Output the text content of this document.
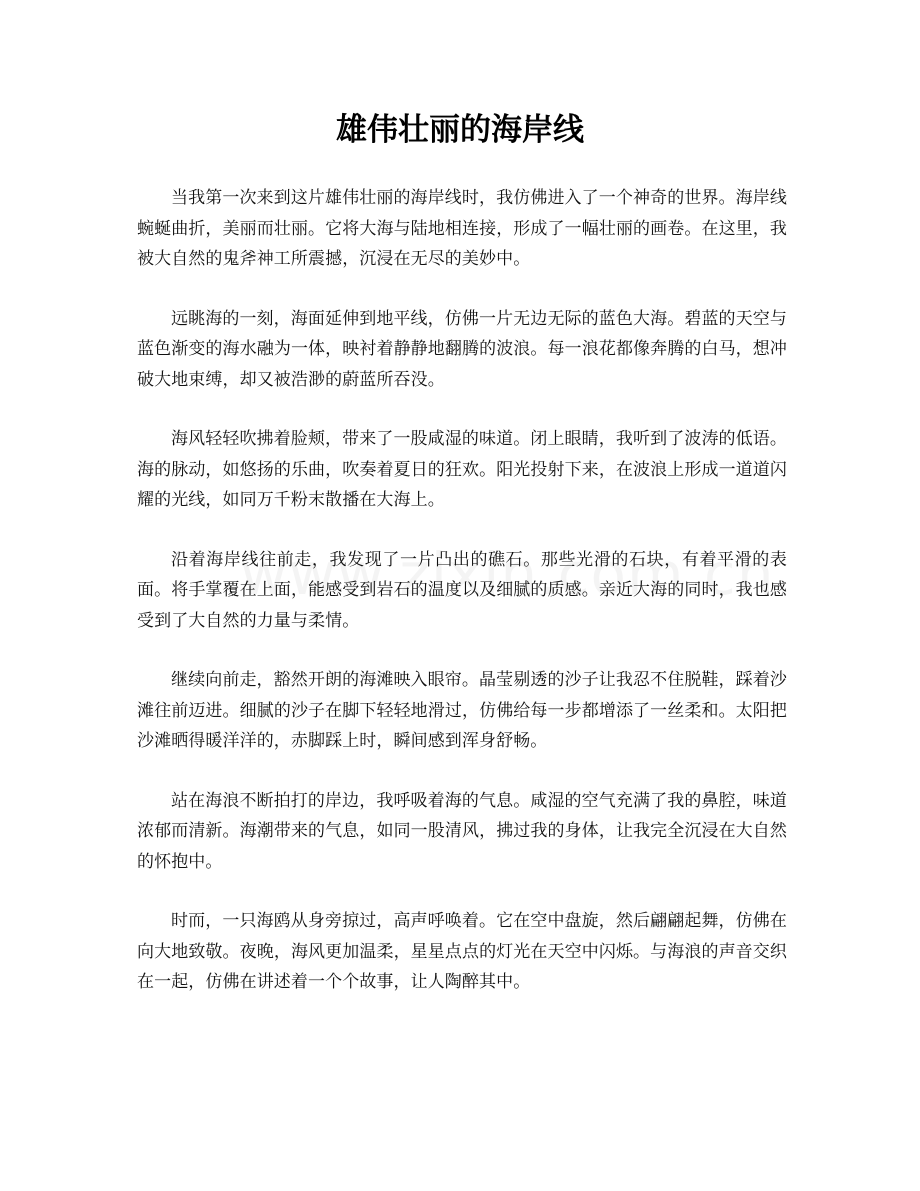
雄伟壮丽的海岸线

当我第一次来到这片雄伟壮丽的海岸线时，我仿佛进入了一个神奇的世界。海岸线蜿蜒曲折，美丽而壮丽。它将大海与陆地相连接，形成了一幅壮丽的画卷。在这里，我被大自然的鬼斧神工所震撼，沉浸在无尽的美妙中。

远眺海的一刻，海面延伸到地平线，仿佛一片无边无际的蓝色大海。碧蓝的天空与蓝色渐变的海水融为一体，映衬着静静地翻腾的波浪。每一浪花都像奔腾的白马，想冲破大地束缚，却又被浩渺的蔚蓝所吞没。

海风轻轻吹拂着脸颊，带来了一股咸湿的味道。闭上眼睛，我听到了波涛的低语。海的脉动，如悠扬的乐曲，吹奏着夏日的狂欢。阳光投射下来，在波浪上形成一道道闪耀的光线，如同万千粉末散播在大海上。

沿着海岸线往前走，我发现了一片凸出的礁石。那些光滑的石块，有着平滑的表面。将手掌覆在上面，能感受到岩石的温度以及细腻的质感。亲近大海的同时，我也感受到了大自然的力量与柔情。

继续向前走，豁然开朗的海滩映入眼帘。晶莹剔透的沙子让我忍不住脱鞋，踩着沙滩往前迈进。细腻的沙子在脚下轻轻地滑过，仿佛给每一步都增添了一丝柔和。太阳把沙滩晒得暖洋洋的，赤脚踩上时，瞬间感到浑身舒畅。

站在海浪不断拍打的岸边，我呼吸着海的气息。咸湿的空气充满了我的鼻腔，味道浓郁而清新。海潮带来的气息，如同一股清风，拂过我的身体，让我完全沉浸在大自然的怀抱中。

时而，一只海鸥从身旁掠过，高声呼唤着。它在空中盘旋，然后翩翩起舞，仿佛在向大地致敬。夜晚，海风更加温柔，星星点点的灯光在天空中闪烁。与海浪的声音交织在一起，仿佛在讲述着一个个故事，让人陶醉其中。
